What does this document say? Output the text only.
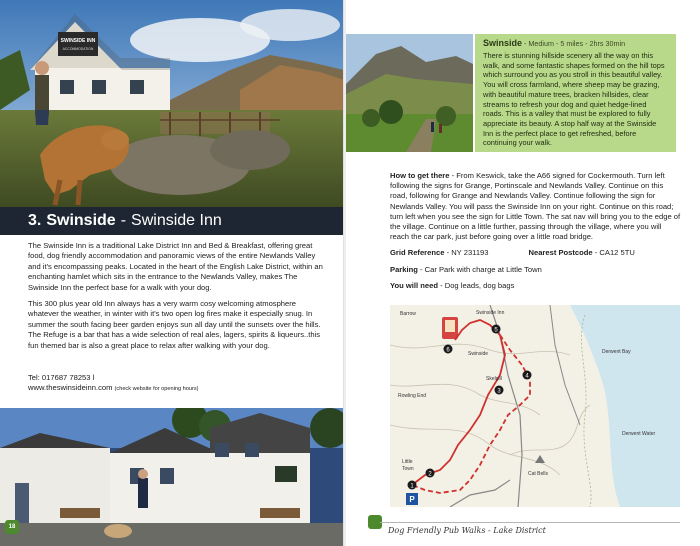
SWINSIDE INN
ACCOMMODATION
3. Swinside - Swinside Inn

The Swinside Inn is a traditional Lake District Inn and Bed & Breakfast, offering great food, dog friendly accommodation and panoramic views of the entire Newlands Valley and it's encompassing peaks. Located in the heart of the English Lake District, within an enchanting hamlet which sits in the entrance to the Newlands Valley, makes The Swinside Inn the perfect base for a walk with your dog.

This 300 plus year old Inn always has a very warm cosy welcoming atmosphere whatever the weather, in winter with it's two open log fires make it especially snug. In summer the south facing beer garden enjoys sun all day until the sunsets over the hills. The Refuge is a bar that has a wide selection of real ales, lagers, spirits & liqueurs..this fun themed bar is also a great place to relax after walking with your dog.

Tel: 017687 78253 l
www.theswinsideinn.com (check website for opening hours)
18
Swinside - Medium - 5 miles - 2hrs 30min
There is stunning hillside scenery all the way on this walk, and some fantastic shapes formed on the hill tops which surround you as you stroll in this beautiful valley. You will cross farmland, where sheep may be grazing, with beautiful mature trees, bracken hillsides, clear streams to refresh your dog and quiet hedge-lined roads. This is a valley that must be explored to fully appreciate its beauty. A stop half way at the Swinside Inn is the perfect place to get refreshed, before continuing your walk.
How to get there - From Keswick, take the A66 signed for Cockermouth. Turn left following the signs for Grange, Portinscale and Newlands Valley. Continue on this road, following for Grange and Newlands Valley. Continue following the sign for Newlands Valley. You will pass the Swinside Inn on your right. Continue on this road; turn left when you see the sign for Little Town. The sat nav will bring you to the edge of the village. Continue on a little further, passing through the village, where you will reach the car park, just before going over a little road bridge.
Grid Reference - NY 231193	Nearest Postcode - CA12 5TU
Parking - Car Park with charge at Little Town
You will need - Dog leads, dog bags
P
1
2
3
4
5
6
Barrow	Swinside Inn
Swinside	Derwent Bay
Rowling End
Skelgill
Derwent Water
Little
Town
Cat Bells
Dog Friendly Pub Walks - Lake District
